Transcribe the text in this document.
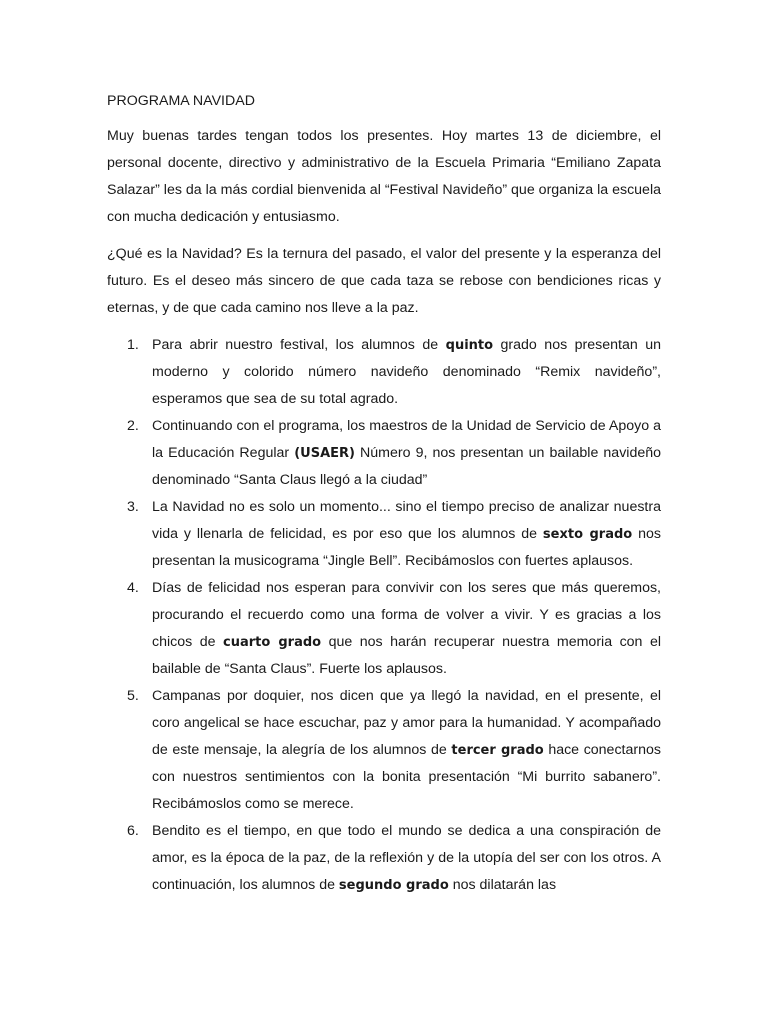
PROGRAMA NAVIDAD

Muy buenas tardes tengan todos los presentes. Hoy martes 13 de diciembre, el personal docente, directivo y administrativo de la Escuela Primaria “Emiliano Zapata Salazar” les da la más cordial bienvenida al “Festival Navideño” que organiza la escuela con mucha dedicación y entusiasmo.

¿Qué es la Navidad? Es la ternura del pasado, el valor del presente y la esperanza del futuro. Es el deseo más sincero de que cada taza se rebose con bendiciones ricas y eternas, y de que cada camino nos lleve a la paz.

1. Para abrir nuestro festival, los alumnos de quinto grado nos presentan un moderno y colorido número navideño denominado “Remix navideño”, esperamos que sea de su total agrado.
2. Continuando con el programa, los maestros de la Unidad de Servicio de Apoyo a la Educación Regular (USAER) Número 9, nos presentan un bailable navideño denominado “Santa Claus llegó a la ciudad”
3. La Navidad no es solo un momento... sino el tiempo preciso de analizar nuestra vida y llenarla de felicidad, es por eso que los alumnos de sexto grado nos presentan la musicograma “Jingle Bell”. Recibámoslos con fuertes aplausos.
4. Días de felicidad nos esperan para convivir con los seres que más queremos, procurando el recuerdo como una forma de volver a vivir. Y es gracias a los chicos de cuarto grado que nos harán recuperar nuestra memoria con el bailable de “Santa Claus”. Fuerte los aplausos.
5. Campanas por doquier, nos dicen que ya llegó la navidad, en el presente, el coro angelical se hace escuchar, paz y amor para la humanidad. Y acompañado de este mensaje, la alegría de los alumnos de tercer grado hace conectarnos con nuestros sentimientos con la bonita presentación “Mi burrito sabanero”. Recibámoslos como se merece.
6. Bendito es el tiempo, en que todo el mundo se dedica a una conspiración de amor, es la época de la paz, de la reflexión y de la utopía del ser con los otros. A continuación, los alumnos de segundo grado nos dilatarán las
